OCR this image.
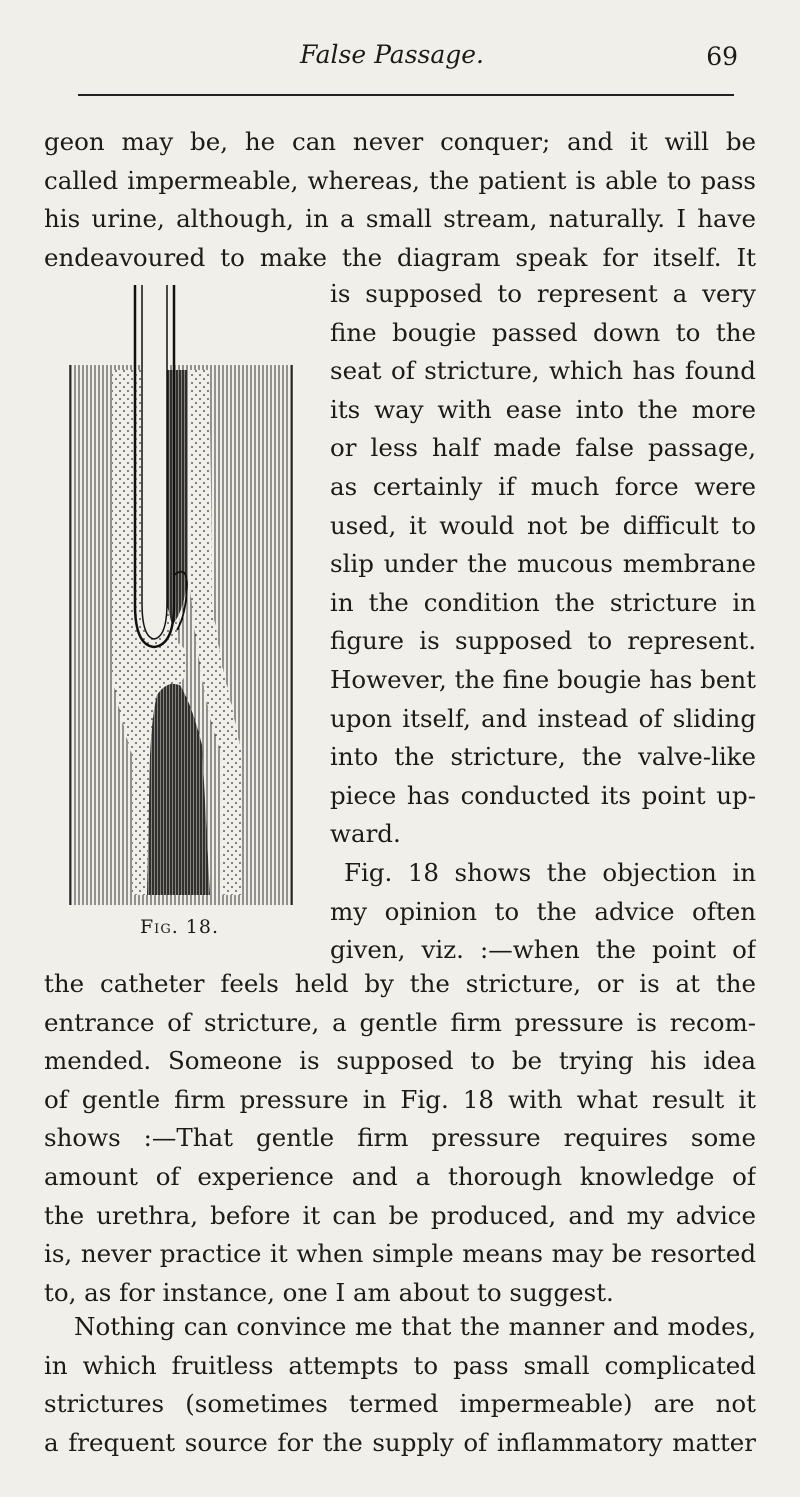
False Passage.	69
geon may be, he can never conquer; and it will be
called impermeable, whereas, the patient is able to pass
his urine, although, in a small stream, naturally. I have
endeavoured to make the diagram speak for itself. It
Fig. 18.
is supposed to represent a very
fine bougie passed down to the
seat of stricture, which has found
its way with ease into the more
or less half made false passage,
as certainly if much force were
used, it would not be difficult to
slip under the mucous membrane
in the condition the stricture in
figure is supposed to represent.
However, the fine bougie has bent
upon itself, and instead of sliding
into the stricture, the valve-like
piece has conducted its point up-
ward.
Fig. 18 shows the objection in
my opinion to the advice often
given, viz. :—when the point of
the catheter feels held by the stricture, or is at the
entrance of stricture, a gentle firm pressure is recom-
mended. Someone is supposed to be trying his idea
of gentle firm pressure in Fig. 18 with what result it
shows :—That gentle firm pressure requires some
amount of experience and a thorough knowledge of
the urethra, before it can be produced, and my advice
is, never practice it when simple means may be resorted
to, as for instance, one I am about to suggest.
Nothing can convince me that the manner and modes,
in which fruitless attempts to pass small complicated
strictures (sometimes termed impermeable) are not
a frequent source for the supply of inflammatory matter
